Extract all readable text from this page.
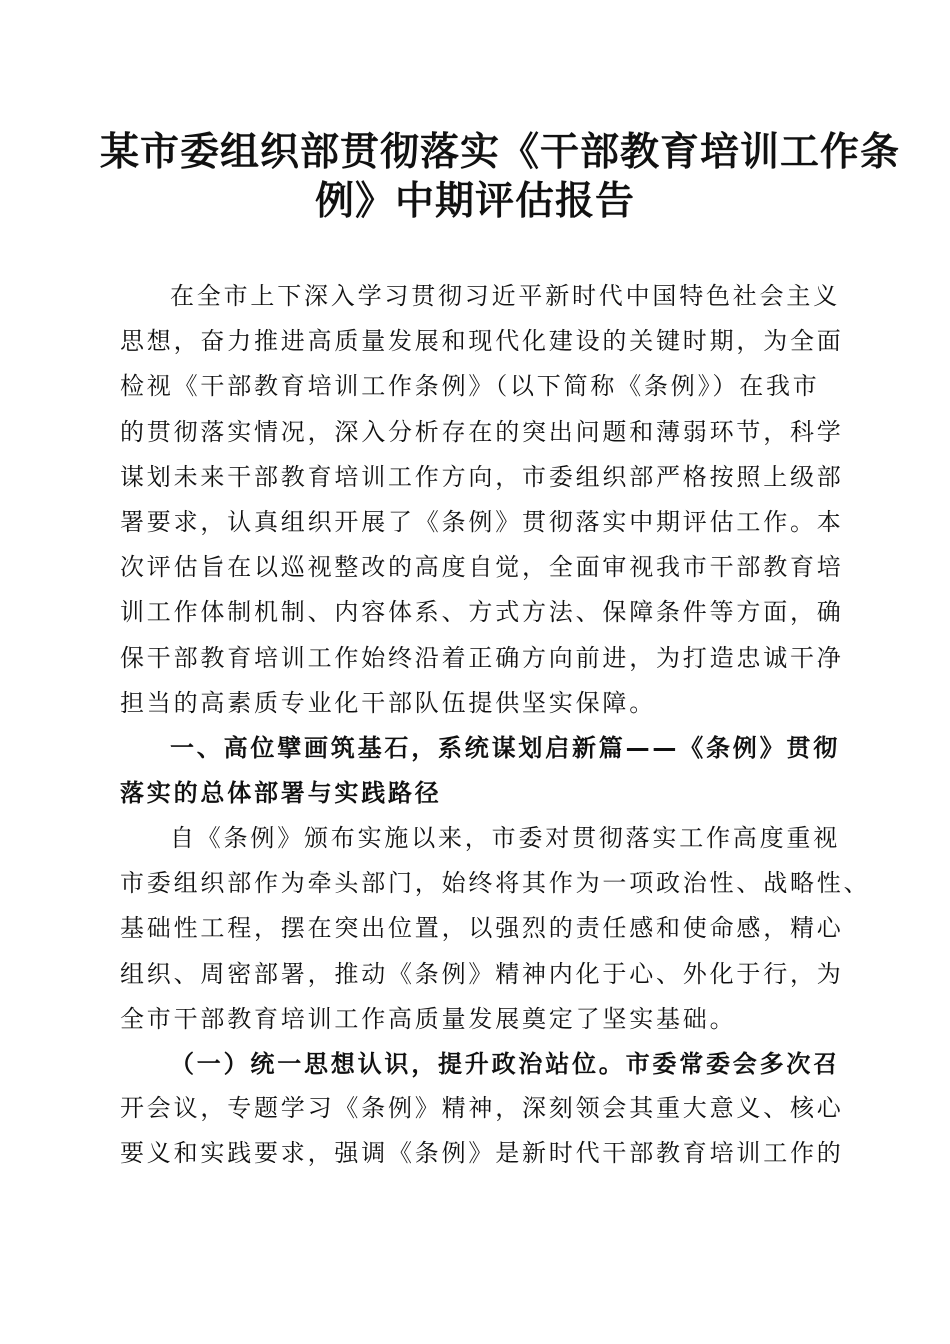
某市委组织部贯彻落实《干部教育培训工作条
例》中期评估报告
在全市上下深入学习贯彻习近平新时代中国特色社会主义
思想，奋力推进高质量发展和现代化建设的关键时期，为全面
检视《干部教育培训工作条例》（以下简称《条例》）在我市
的贯彻落实情况，深入分析存在的突出问题和薄弱环节，科学
谋划未来干部教育培训工作方向，市委组织部严格按照上级部
署要求，认真组织开展了《条例》贯彻落实中期评估工作。本
次评估旨在以巡视整改的高度自觉，全面审视我市干部教育培
训工作体制机制、内容体系、方式方法、保障条件等方面，确
保干部教育培训工作始终沿着正确方向前进，为打造忠诚干净
担当的高素质专业化干部队伍提供坚实保障。
一、高位擘画筑基石，系统谋划启新篇——《条例》贯彻
落实的总体部署与实践路径
自《条例》颁布实施以来，市委对贯彻落实工作高度重视
市委组织部作为牵头部门，始终将其作为一项政治性、战略性、
基础性工程，摆在突出位置，以强烈的责任感和使命感，精心
组织、周密部署，推动《条例》精神内化于心、外化于行，为
全市干部教育培训工作高质量发展奠定了坚实基础。
（一）统一思想认识，提升政治站位。市委常委会多次召
开会议，专题学习《条例》精神，深刻领会其重大意义、核心
要义和实践要求，强调《条例》是新时代干部教育培训工作的
